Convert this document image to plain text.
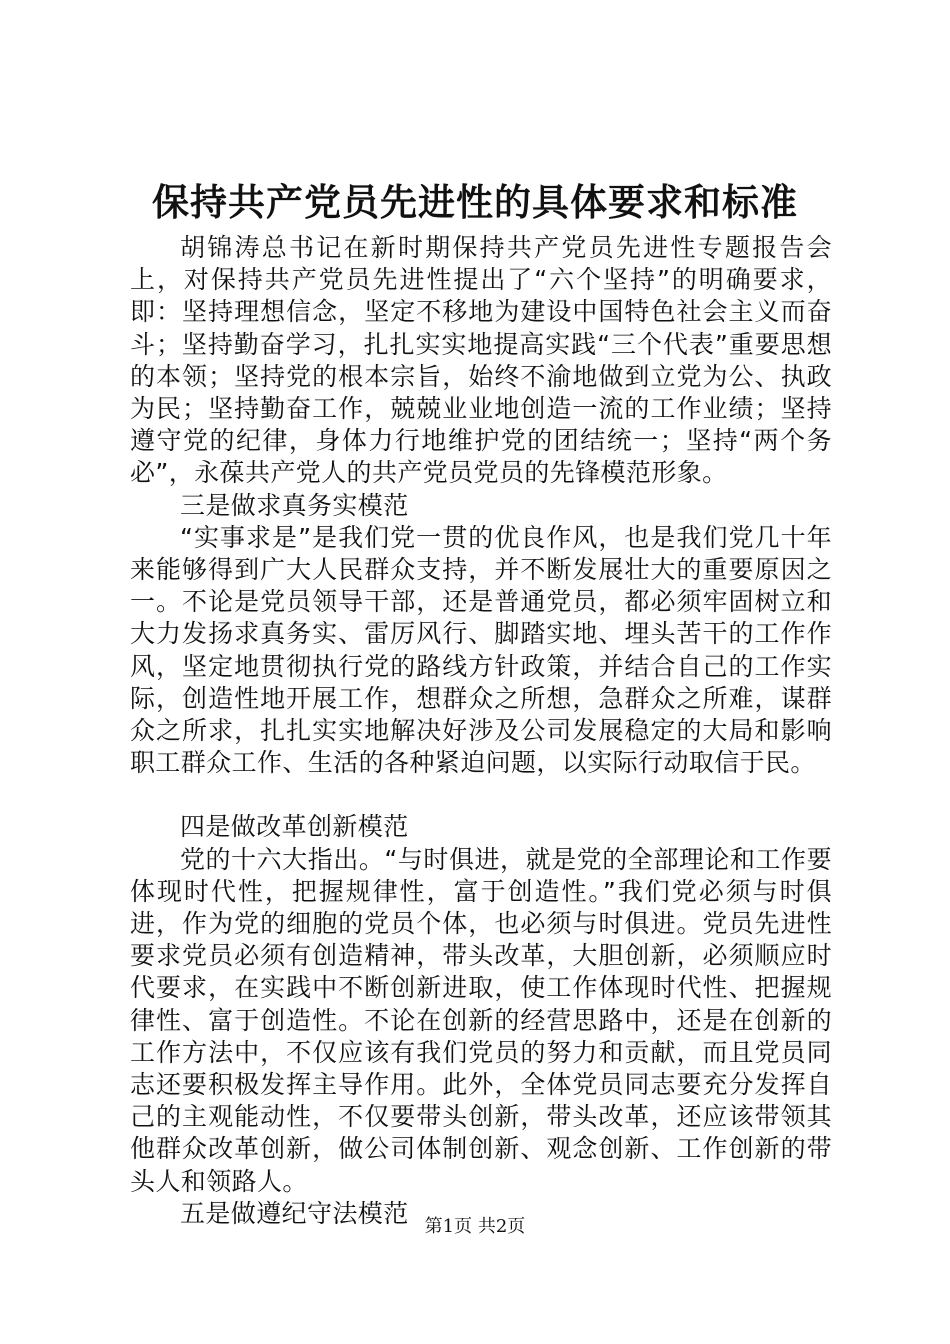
保持共产党员先进性的具体要求和标准

胡锦涛总书记在新时期保持共产党员先进性专题报告会上，对保持共产党员先进性提出了“六个坚持”的明确要求，即：坚持理想信念，坚定不移地为建设中国特色社会主义而奋斗；坚持勤奋学习，扎扎实实地提高实践“三个代表”重要思想的本领；坚持党的根本宗旨，始终不渝地做到立党为公、执政为民；坚持勤奋工作，兢兢业业地创造一流的工作业绩；坚持遵守党的纪律，身体力行地维护党的团结统一；坚持“两个务必”，永葆共产党人的共产党员党员的先锋模范形象。

三是做求真务实模范

“实事求是”是我们党一贯的优良作风，也是我们党几十年来能够得到广大人民群众支持，并不断发展壮大的重要原因之一。不论是党员领导干部，还是普通党员，都必须牢固树立和大力发扬求真务实、雷厉风行、脚踏实地、埋头苦干的工作作风，坚定地贯彻执行党的路线方针政策，并结合自己的工作实际，创造性地开展工作，想群众之所想，急群众之所难，谋群众之所求，扎扎实实地解决好涉及公司发展稳定的大局和影响职工群众工作、生活的各种紧迫问题，以实际行动取信于民。

四是做改革创新模范

党的十六大指出。“与时俱进，就是党的全部理论和工作要体现时代性，把握规律性，富于创造性。”我们党必须与时俱进，作为党的细胞的党员个体，也必须与时俱进。党员先进性要求党员必须有创造精神，带头改革，大胆创新，必须顺应时代要求，在实践中不断创新进取，使工作体现时代性、把握规律性、富于创造性。不论在创新的经营思路中，还是在创新的工作方法中，不仅应该有我们党员的努力和贡献，而且党员同志还要积极发挥主导作用。此外，全体党员同志要充分发挥自己的主观能动性，不仅要带头创新，带头改革，还应该带领其他群众改革创新，做公司体制创新、观念创新、工作创新的带头人和领路人。

五是做遵纪守法模范 第1页 共2页
